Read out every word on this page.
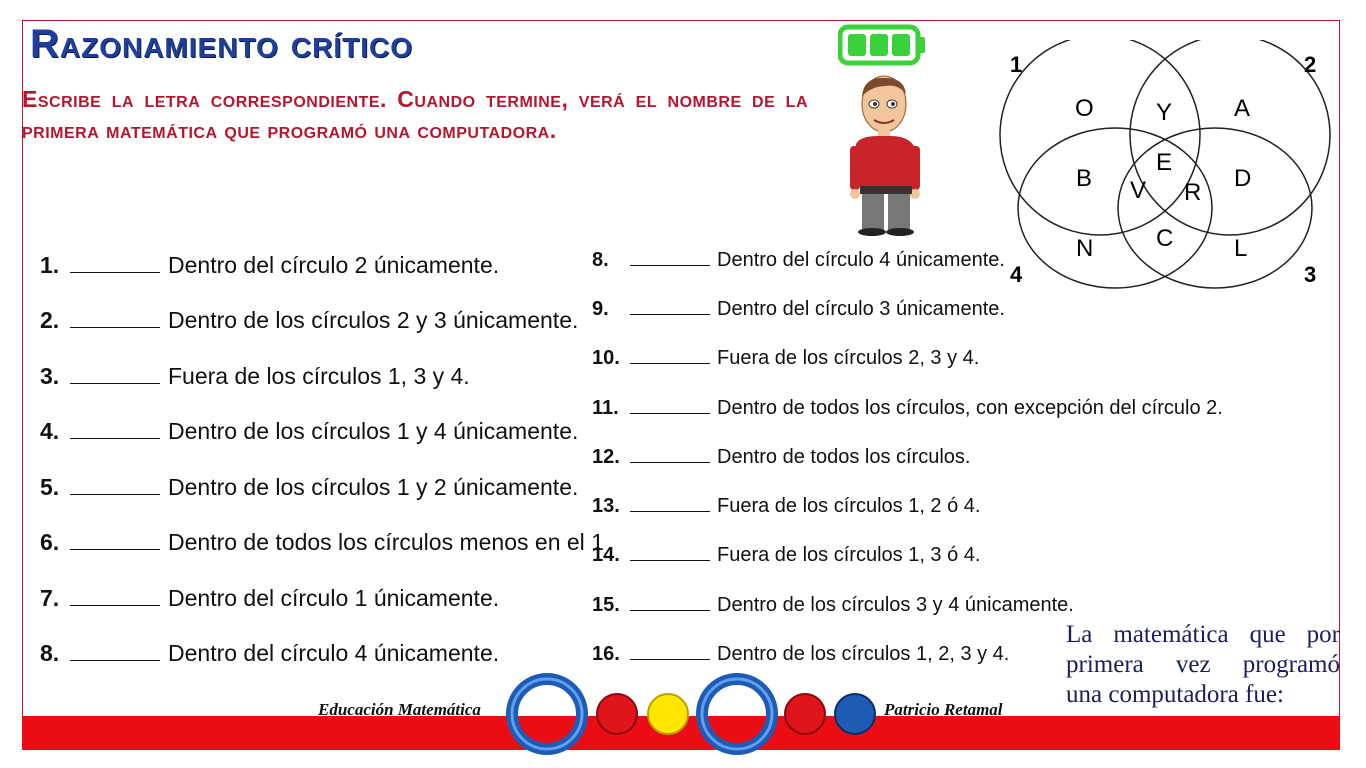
Razonamiento crítico
Escribe la letra correspondiente. Cuando termine, verá el nombre de la primera matemática que programó una computadora.
1	2
3
4
O	Y	A
E
B V R
D
N	C	L
1.	Dentro del círculo 2 únicamente.
2.	Dentro de los círculos 2 y 3 únicamente.
3.	Fuera de los círculos 1, 3 y 4.
4.	Dentro de los círculos 1 y 4 únicamente.
5.	Dentro de los círculos 1 y 2 únicamente.
6.	Dentro de todos los círculos menos en el 1
7.	Dentro del círculo 1 únicamente.
8.	Dentro del círculo 4 únicamente.
8.	Dentro del círculo 4 únicamente.
9.	Dentro del círculo 3 únicamente.
10.	Fuera de los círculos 2, 3 y 4.
11.	Dentro de todos los círculos, con excepción del círculo 2.
12.	Dentro de todos los círculos.
13.	Fuera de los círculos 1, 2 ó 4.
14.	Fuera de los círculos 1, 3 ó 4.
15.	Dentro de los círculos 3 y 4 únicamente.
16.	Dentro de los círculos 1, 2, 3 y 4.
La matemática que por
primera vez programó
una computadora fue:
Educación Matemática	Patricio Retamal
